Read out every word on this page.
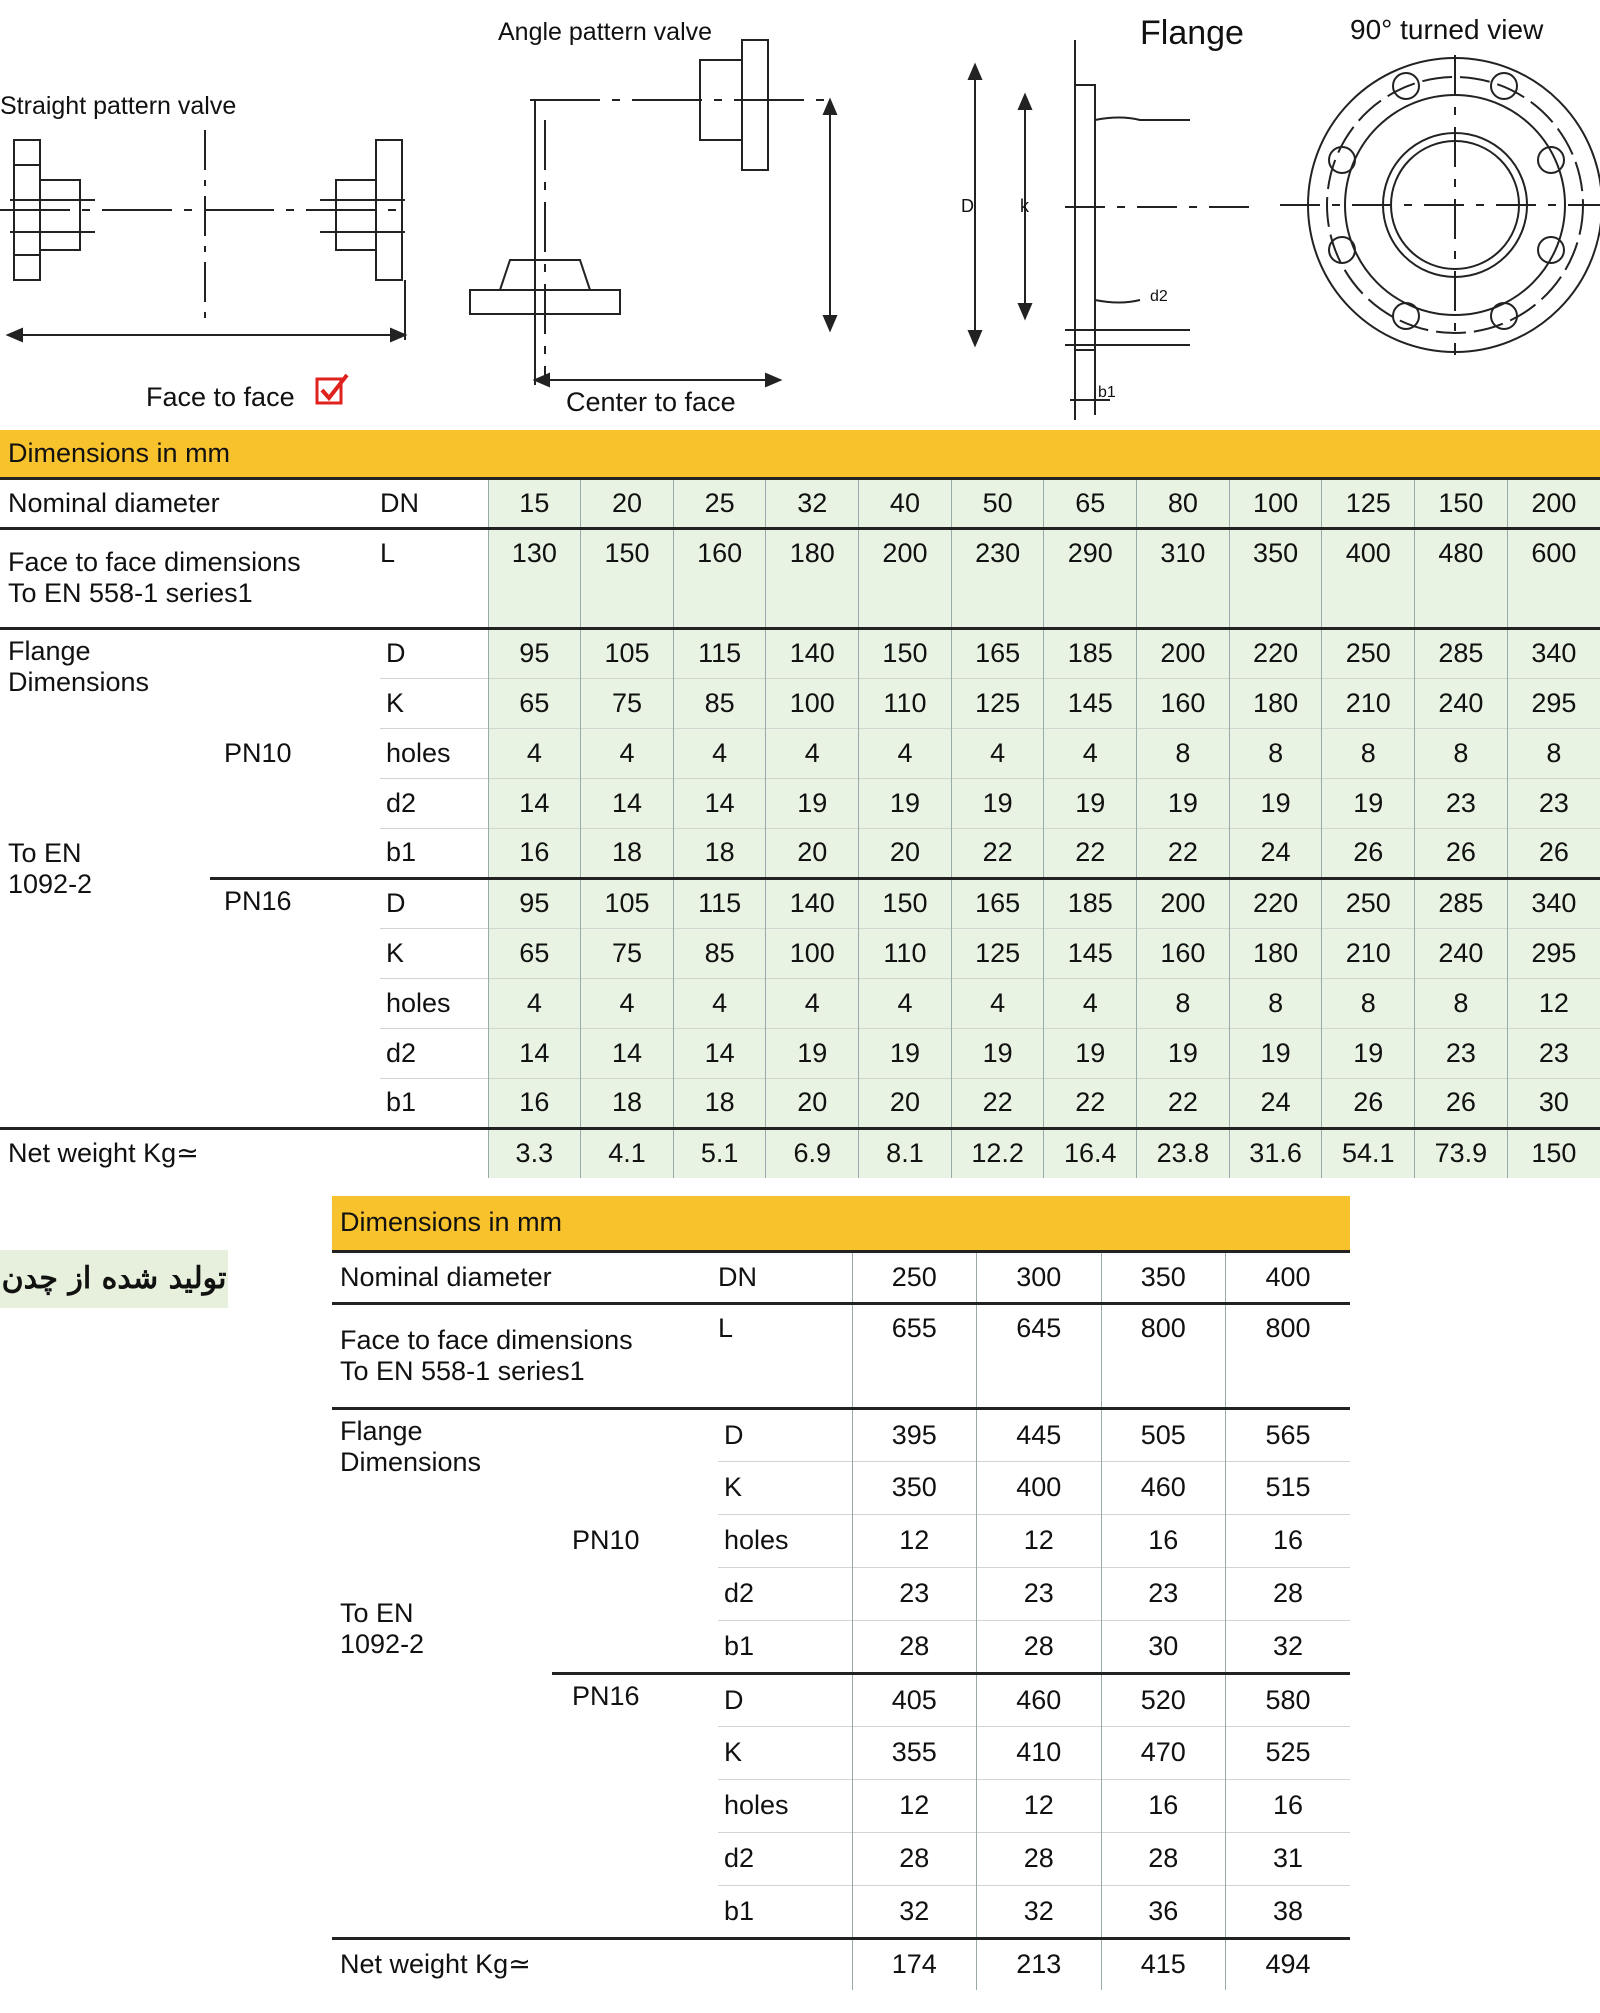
Straight pattern valve
Angle pattern valve	Flange	90° turned view
Face to face	Center to face
D	k
d2
b1
Dimensions in mm														
Nominal diameter		DN	15	20	25	32	40	50	65	80	100	125	150	200

Face to face dimensions
To EN 558-1 series1		L	130	150	160	180	200	230	290	310	350	400	480	600

Flange
Dimensions
To EN
1092-2	PN10	D	95	105	115	140	150	165	185	200	220	250	285	340
		K	65	75	85	100	110	125	145	160	180	210	240	295
		holes	4	4	4	4	4	4	4	8	8	8	8	8
		d2	14	14	14	19	19	19	19	19	19	19	23	23
		b1	16	18	18	20	20	22	22	22	24	26	26	26
	PN16	D	95	105	115	140	150	165	185	200	220	250	285	340
		K	65	75	85	100	110	125	145	160	180	210	240	295
		holes	4	4	4	4	4	4	4	8	8	8	8	12
		d2	14	14	14	19	19	19	19	19	19	19	23	23
		b1	16	18	18	20	20	22	22	22	24	26	26	30
Net weight Kg≃			3.3	4.1	5.1	6.9	8.1	12.2	16.4	23.8	31.6	54.1	73.9	150
تولید شده از چدن
Dimensions in mm						
Nominal diameter		DN	250	300	350	400

Face to face dimensions
To EN 558-1 series1		L	655	645	800	800

Flange
Dimensions
To EN
1092-2	PN10	D	395	445	505	565
		K	350	400	460	515
		holes	12	12	16	16
		d2	23	23	23	28
		b1	28	28	30	32
	PN16	D	405	460	520	580
		K	355	410	470	525
		holes	12	12	16	16
		d2	28	28	28	31
		b1	32	32	36	38
Net weight Kg≃			174	213	415	494
